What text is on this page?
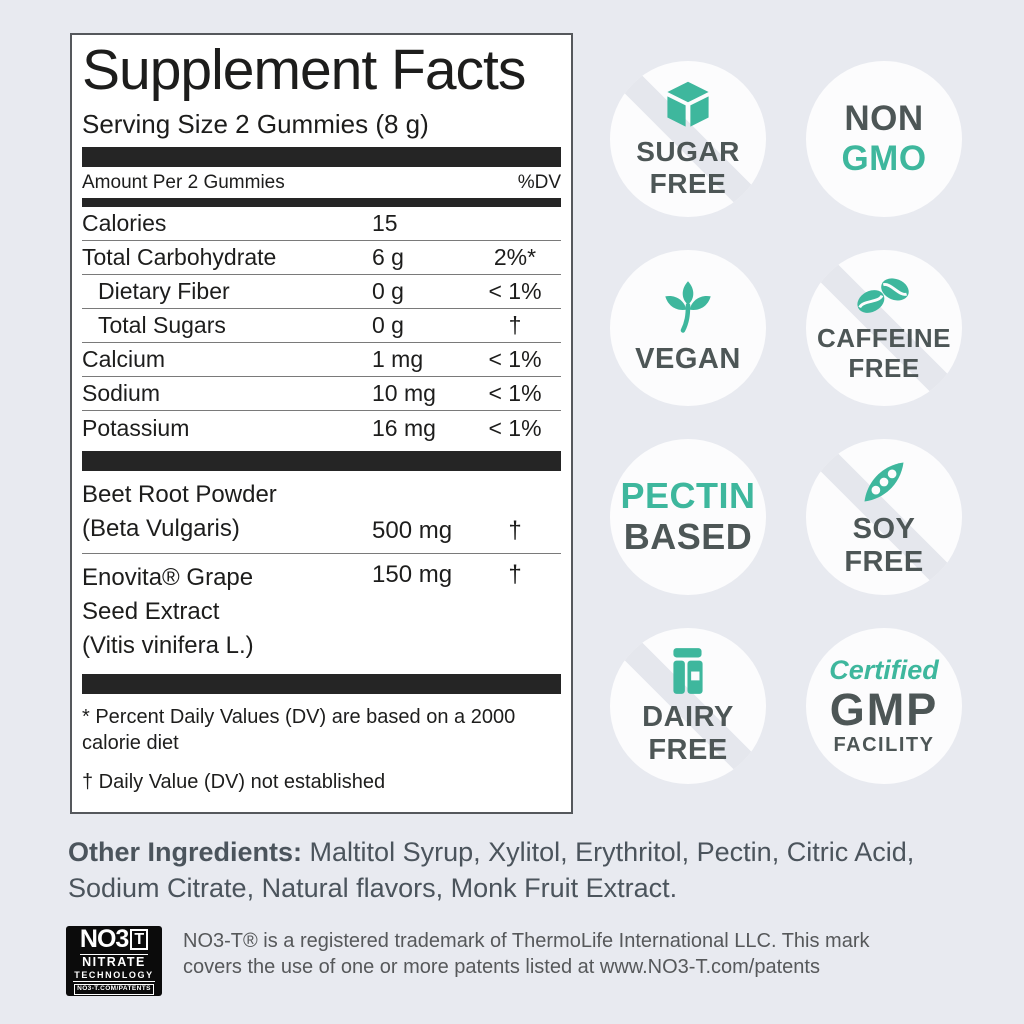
Supplement Facts
Serving Size 2 Gummies (8 g)
Amount Per 2 Gummies	%DV
Calories	15
Total Carbohydrate	6 g	2%*
Dietary Fiber	0 g	< 1%
Total Sugars	0 g	†
Calcium	1 mg	< 1%
Sodium	10 mg	< 1%
Potassium	16 mg	< 1%
Beet Root Powder
(Beta Vulgaris)	500 mg	†
Enovita® Grape
Seed Extract
(Vitis vinifera L.)
150 mg	†

* Percent Daily Values (DV) are based on a 2000 calorie diet

† Daily Value (DV) not established

SUGAR
FREE
NON
GMO
VEGAN
CAFFEINE
FREE
PECTIN
BASED	SOY
FREE
DAIRY
FREE
Certified
GMP
FACILITY

Other Ingredients: Maltitol Syrup, Xylitol, Erythritol, Pectin, Citric Acid, Sodium Citrate, Natural flavors, Monk Fruit Extract.

NO3 T
NITRATE
TECHNOLOGY
NO3-T.COM/PATENTS

NO3-T® is a registered trademark of ThermoLife International LLC. This mark covers the use of one or more patents listed at www.NO3-T.com/patents
